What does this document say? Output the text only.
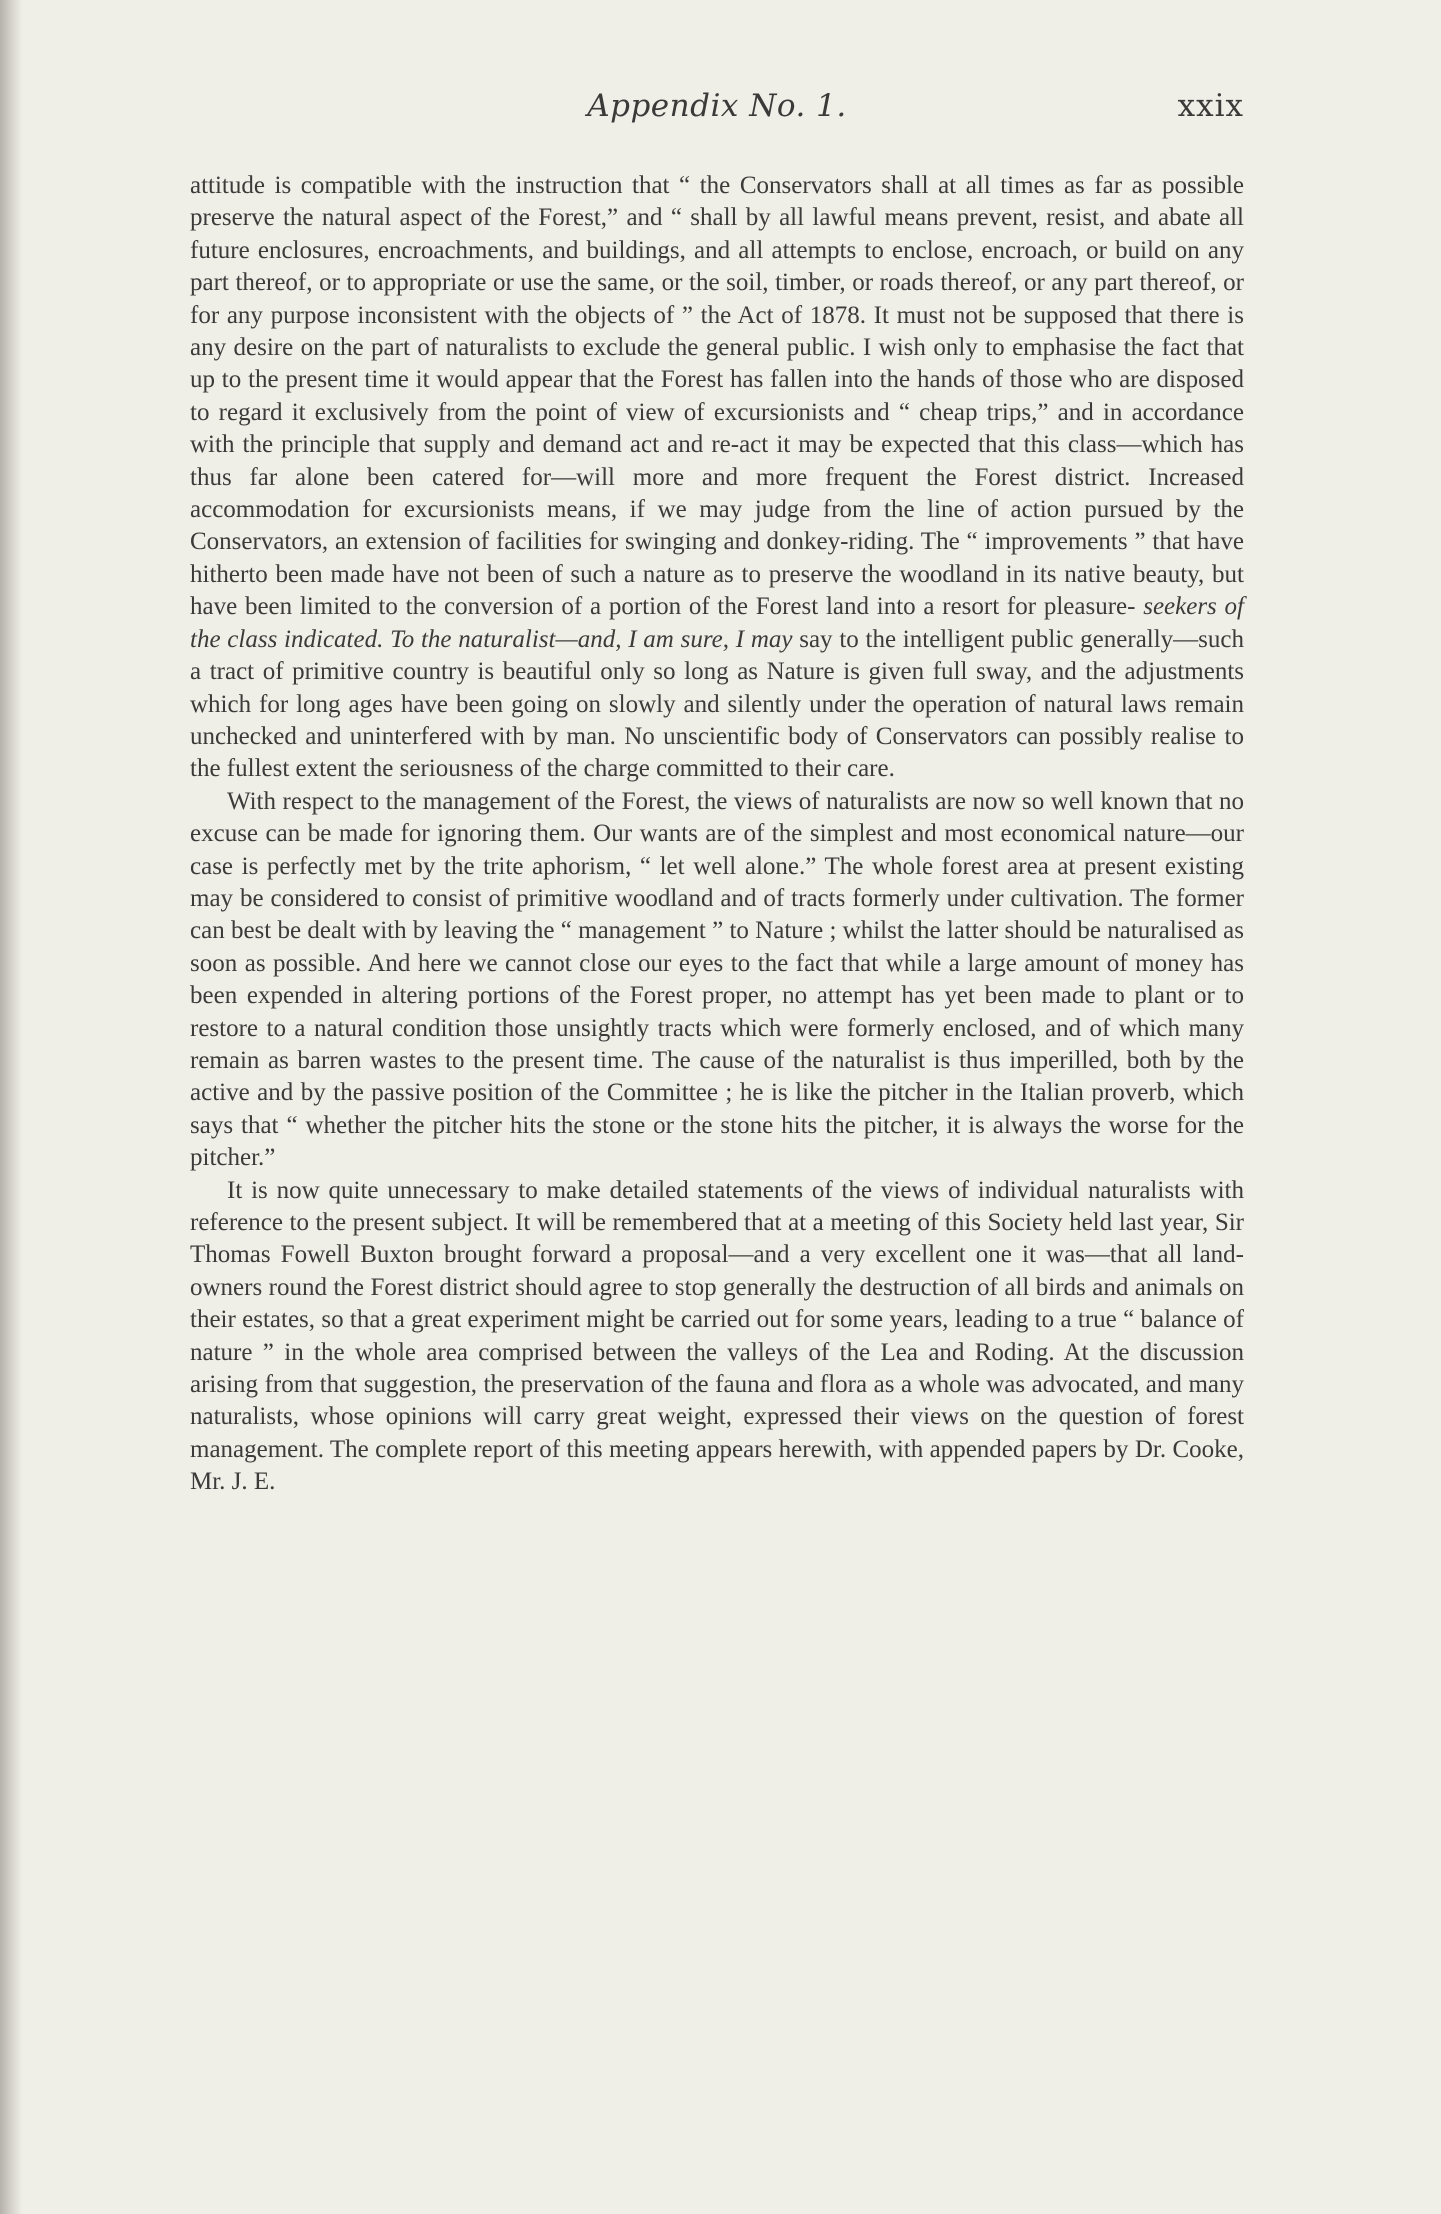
Appendix No. 1.	xxix

attitude is compatible with the instruction that “ the Conservators shall at all times as far as possible preserve the natural aspect of the Forest,” and “ shall by all lawful means prevent, resist, and abate all future enclosures, encroachments, and buildings, and all attempts to enclose, encroach, or build on any part thereof, or to appropriate or use the same, or the soil, timber, or roads thereof, or any part thereof, or for any purpose inconsistent with the objects of ” the Act of 1878. It must not be supposed that there is any desire on the part of naturalists to exclude the general public. I wish only to emphasise the fact that up to the present time it would appear that the Forest has fallen into the hands of those who are disposed to regard it exclusively from the point of view of excursionists and “ cheap trips,” and in accordance with the principle that supply and demand act and re-act it may be expected that this class—which has thus far alone been catered for—will more and more frequent the Forest district. Increased accommodation for excursionists means, if we may judge from the line of action pursued by the Conservators, an extension of facilities for swinging and donkey-riding. The “ improvements ” that have hitherto been made have not been of such a nature as to preserve the woodland in its native beauty, but have been limited to the conversion of a portion of the Forest land into a resort for pleasure- seekers of the class indicated. To the naturalist—and, I am sure, I may say to the intelligent public generally—such a tract of primitive country is beautiful only so long as Nature is given full sway, and the adjustments which for long ages have been going on slowly and silently under the operation of natural laws remain unchecked and uninterfered with by man. No unscientific body of Conservators can possibly realise to the fullest extent the seriousness of the charge committed to their care.

With respect to the management of the Forest, the views of naturalists are now so well known that no excuse can be made for ignoring them. Our wants are of the simplest and most economical nature—our case is perfectly met by the trite aphorism, “ let well alone.” The whole forest area at present existing may be considered to consist of primitive woodland and of tracts formerly under cultivation. The former can best be dealt with by leaving the “ management ” to Nature ; whilst the latter should be naturalised as soon as possible. And here we cannot close our eyes to the fact that while a large amount of money has been expended in altering portions of the Forest proper, no attempt has yet been made to plant or to restore to a natural condition those unsightly tracts which were formerly enclosed, and of which many remain as barren wastes to the present time. The cause of the naturalist is thus imperilled, both by the active and by the passive position of the Committee ; he is like the pitcher in the Italian proverb, which says that “ whether the pitcher hits the stone or the stone hits the pitcher, it is always the worse for the pitcher.”

It is now quite unnecessary to make detailed statements of the views of individual naturalists with reference to the present subject. It will be remembered that at a meeting of this Society held last year, Sir Thomas Fowell Buxton brought forward a proposal—and a very excellent one it was—that all land-owners round the Forest district should agree to stop generally the destruction of all birds and animals on their estates, so that a great experiment might be carried out for some years, leading to a true “ balance of nature ” in the whole area comprised between the valleys of the Lea and Roding. At the discussion arising from that suggestion, the preservation of the fauna and flora as a whole was advocated, and many naturalists, whose opinions will carry great weight, expressed their views on the question of forest management. The complete report of this meeting appears herewith, with appended papers by Dr. Cooke, Mr. J. E.
